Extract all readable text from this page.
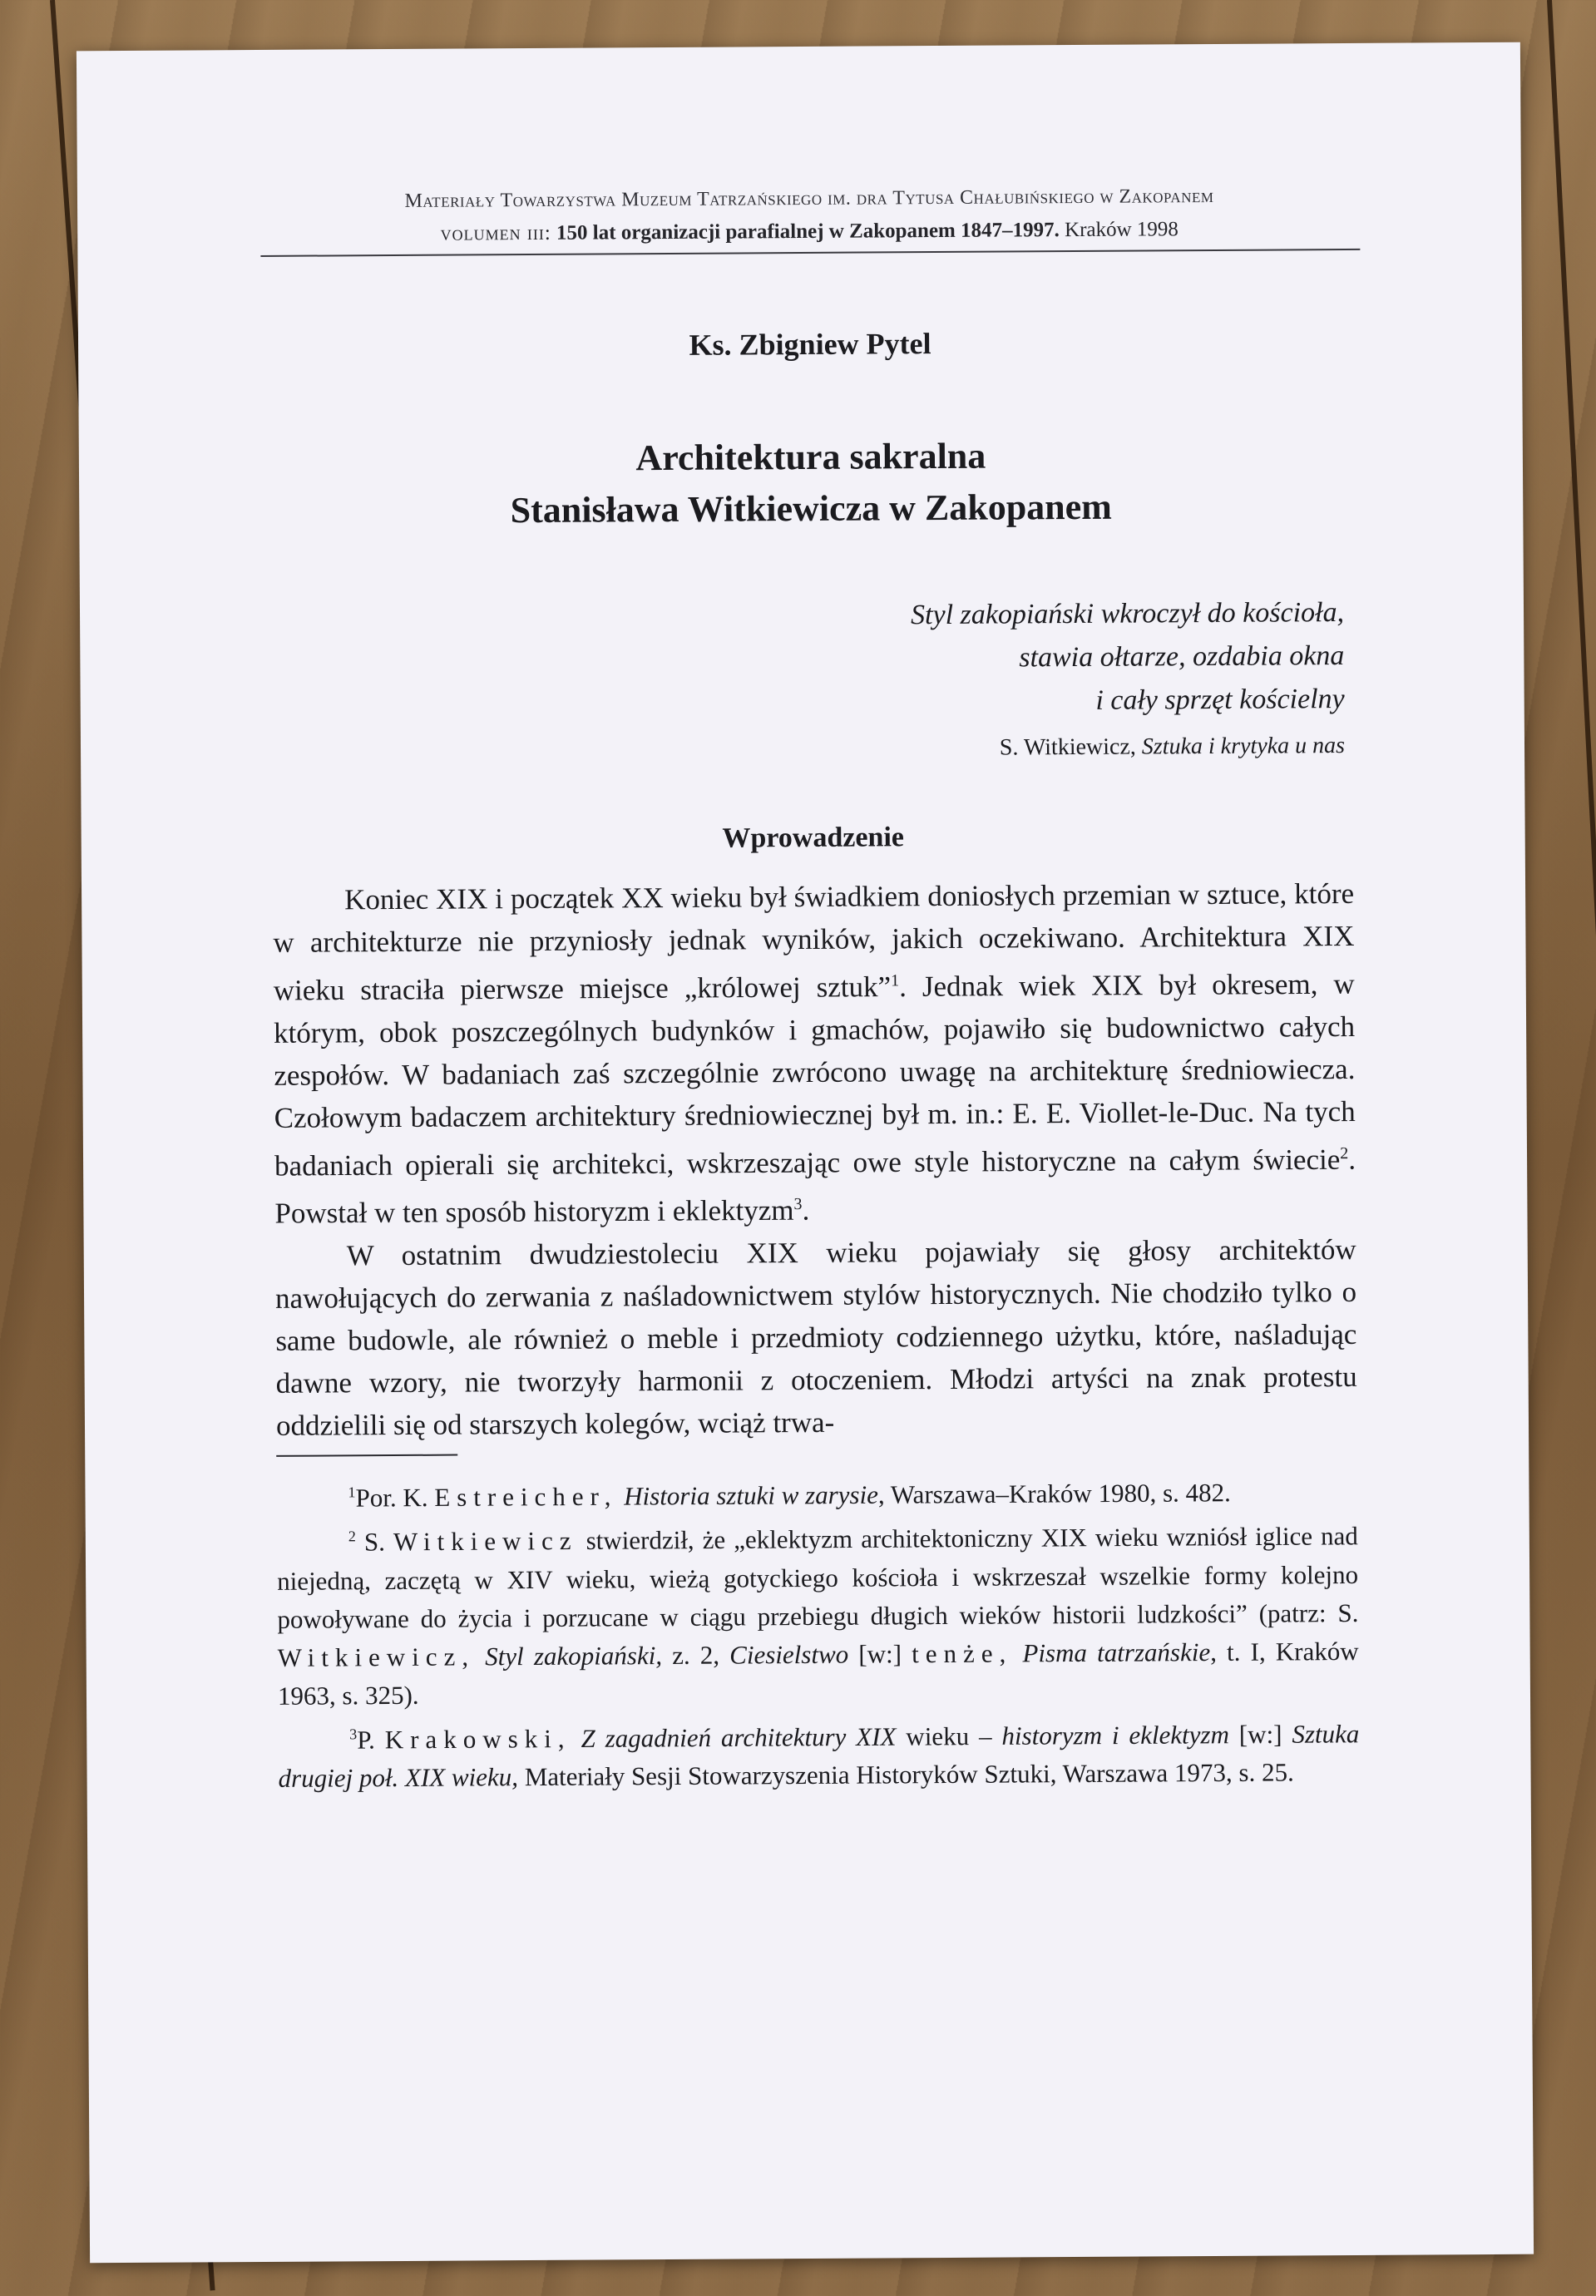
Materiały Towarzystwa Muzeum Tatrzańskiego im. dra Tytusa Chałubińskiego w Zakopanem
volumen iii: 150 lat organizacji parafialnej w Zakopanem 1847–1997. Kraków 1998
Ks. Zbigniew Pytel
Architektura sakralna
Stanisława Witkiewicza w Zakopanem
Styl zakopiański wkroczył do kościoła,
stawia ołtarze, ozdabia okna
i cały sprzęt kościelny
S. Witkiewicz, Sztuka i krytyka u nas
Wprowadzenie

Koniec XIX i początek XX wieku był świadkiem doniosłych przemian w sztuce, które w architekturze nie przyniosły jednak wyników, jakich oczekiwano. Architektura XIX wieku straciła pierwsze miejsce „królowej sztuk”$^1$. Jednak wiek XIX był okresem, w którym, obok poszczególnych budynków i gmachów, pojawiło się budownictwo całych zespołów. W badaniach zaś szczególnie zwrócono uwagę na architekturę średniowiecza. Czołowym badaczem architektury średniowiecznej był m. in.: E. E. Viollet-le-Duc. Na tych badaniach opierali się architekci, wskrzeszając owe style historyczne na całym świecie$^2$. Powstał w ten sposób historyzm i eklektyzm$^3$.

W ostatnim dwudziestoleciu XIX wieku pojawiały się głosy architektów nawołujących do zerwania z naśladownictwem stylów historycznych. Nie chodziło tylko o same budowle, ale również o meble i przedmioty codziennego użytku, które, naśladując dawne wzory, nie tworzyły harmonii z otoczeniem. Młodzi artyści na znak protestu oddzielili się od starszych kolegów, wciąż trwa-

$^1$Por. K. Estreicher, Historia sztuki w zarysie, Warszawa–Kraków 1980, s. 482.

$^2$ S. Witkiewicz stwierdził, że „eklektyzm architektoniczny XIX wieku wzniósł iglice nad niejedną, zaczętą w XIV wieku, wieżą gotyckiego kościoła i wskrzeszał wszelkie formy kolejno powoływane do życia i porzucane w ciągu przebiegu długich wieków historii ludzkości” (patrz: S. Witkiewicz, Styl zakopiański, z. 2, Ciesielstwo [w:] tenże, Pisma tatrzańskie, t. I, Kraków 1963, s. 325).

$^3$P. Krakowski, Z zagadnień architektury XIX wieku – historyzm i eklektyzm [w:] Sztuka drugiej poł. XIX wieku, Materiały Sesji Stowarzyszenia Historyków Sztuki, Warszawa 1973, s. 25.
